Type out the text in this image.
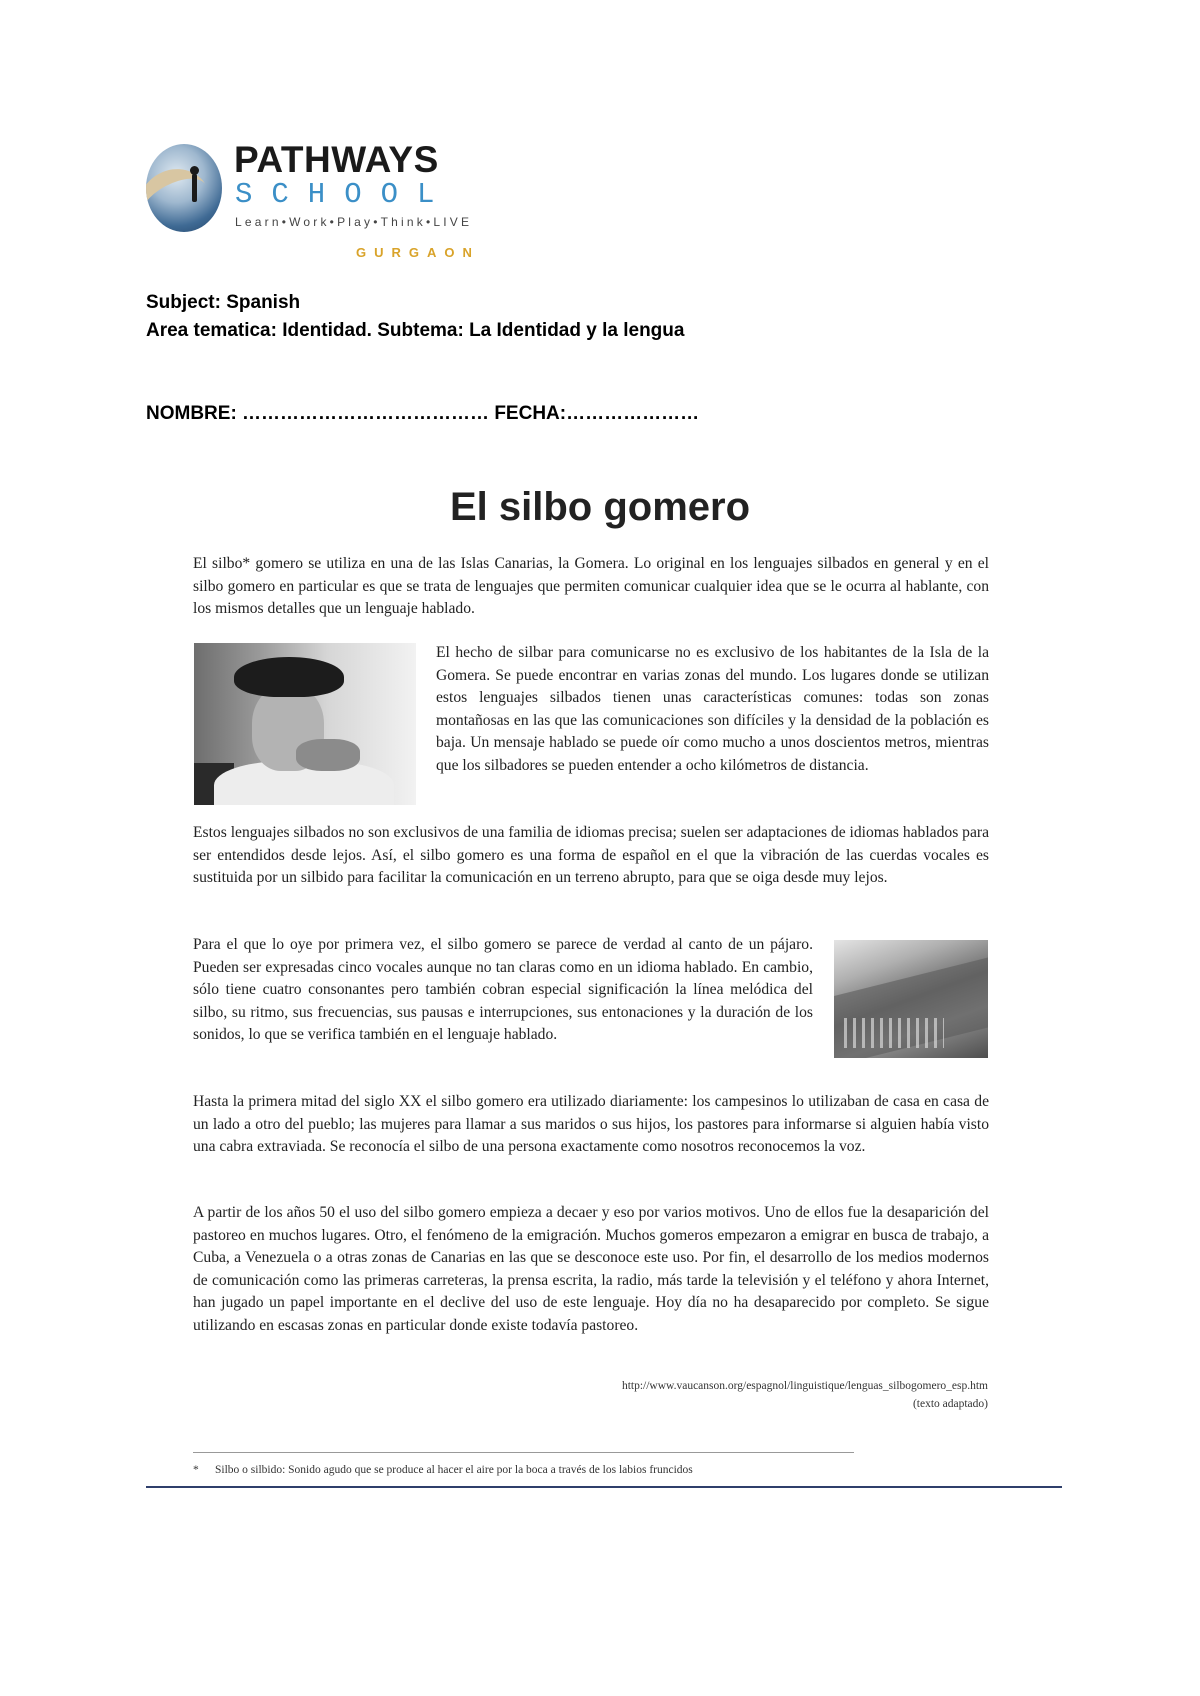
PATHWAYS
SCHOOL
Learn•Work•Play•Think•LIVE
GURGAON
Subject: Spanish
Area tematica: Identidad. Subtema: La Identidad y la lengua
NOMBRE: ………………………………… FECHA:…………………
El silbo gomero

El silbo* gomero se utiliza en una de las Islas Canarias, la Gomera. Lo original en los lenguajes silbados en general y en el silbo gomero en particular es que se trata de lenguajes que permiten comunicar cualquier idea que se le ocurra al hablante, con los mismos detalles que un lenguaje hablado.

El hecho de silbar para comunicarse no es exclusivo de los habitantes de la Isla de la Gomera. Se puede encontrar en varias zonas del mundo. Los lugares donde se utilizan estos lenguajes silbados tienen unas características comunes: todas son zonas montañosas en las que las comunicaciones son difíciles y la densidad de la población es baja. Un mensaje hablado se puede oír como mucho a unos doscientos metros, mientras que los silbadores se pueden entender a ocho kilómetros de distancia.

Estos lenguajes silbados no son exclusivos de una familia de idiomas precisa; suelen ser adaptaciones de idiomas hablados para ser entendidos desde lejos. Así, el silbo gomero es una forma de español en el que la vibración de las cuerdas vocales es sustituida por un silbido para facilitar la comunicación en un terreno abrupto, para que se oiga desde muy lejos.

Para el que lo oye por primera vez, el silbo gomero se parece de verdad al canto de un pájaro. Pueden ser expresadas cinco vocales aunque no tan claras como en un idioma hablado. En cambio, sólo tiene cuatro consonantes pero también cobran especial significación la línea melódica del silbo, su ritmo, sus frecuencias, sus pausas e interrupciones, sus entonaciones y la duración de los sonidos, lo que se verifica también en el lenguaje hablado.

Hasta la primera mitad del siglo XX el silbo gomero era utilizado diariamente: los campesinos lo utilizaban de casa en casa de un lado a otro del pueblo; las mujeres para llamar a sus maridos o sus hijos, los pastores para informarse si alguien había visto una cabra extraviada. Se reconocía el silbo de una persona exactamente como nosotros reconocemos la voz.

A partir de los años 50 el uso del silbo gomero empieza a decaer y eso por varios motivos. Uno de ellos fue la desaparición del pastoreo en muchos lugares. Otro, el fenómeno de la emigración. Muchos gomeros empezaron a emigrar en busca de trabajo, a Cuba, a Venezuela o a otras zonas de Canarias en las que se desconoce este uso. Por fin, el desarrollo de los medios modernos de comunicación como las primeras carreteras, la prensa escrita, la radio, más tarde la televisión y el teléfono y ahora Internet, han jugado un papel importante en el declive del uso de este lenguaje. Hoy día no ha desaparecido por completo. Se sigue utilizando en escasas zonas en particular donde existe todavía pastoreo.

http://www.vaucanson.org/espagnol/linguistique/lenguas_silbogomero_esp.htm
(texto adaptado)
* Silbo o silbido: Sonido agudo que se produce al hacer el aire por la boca a través de los labios fruncidos
